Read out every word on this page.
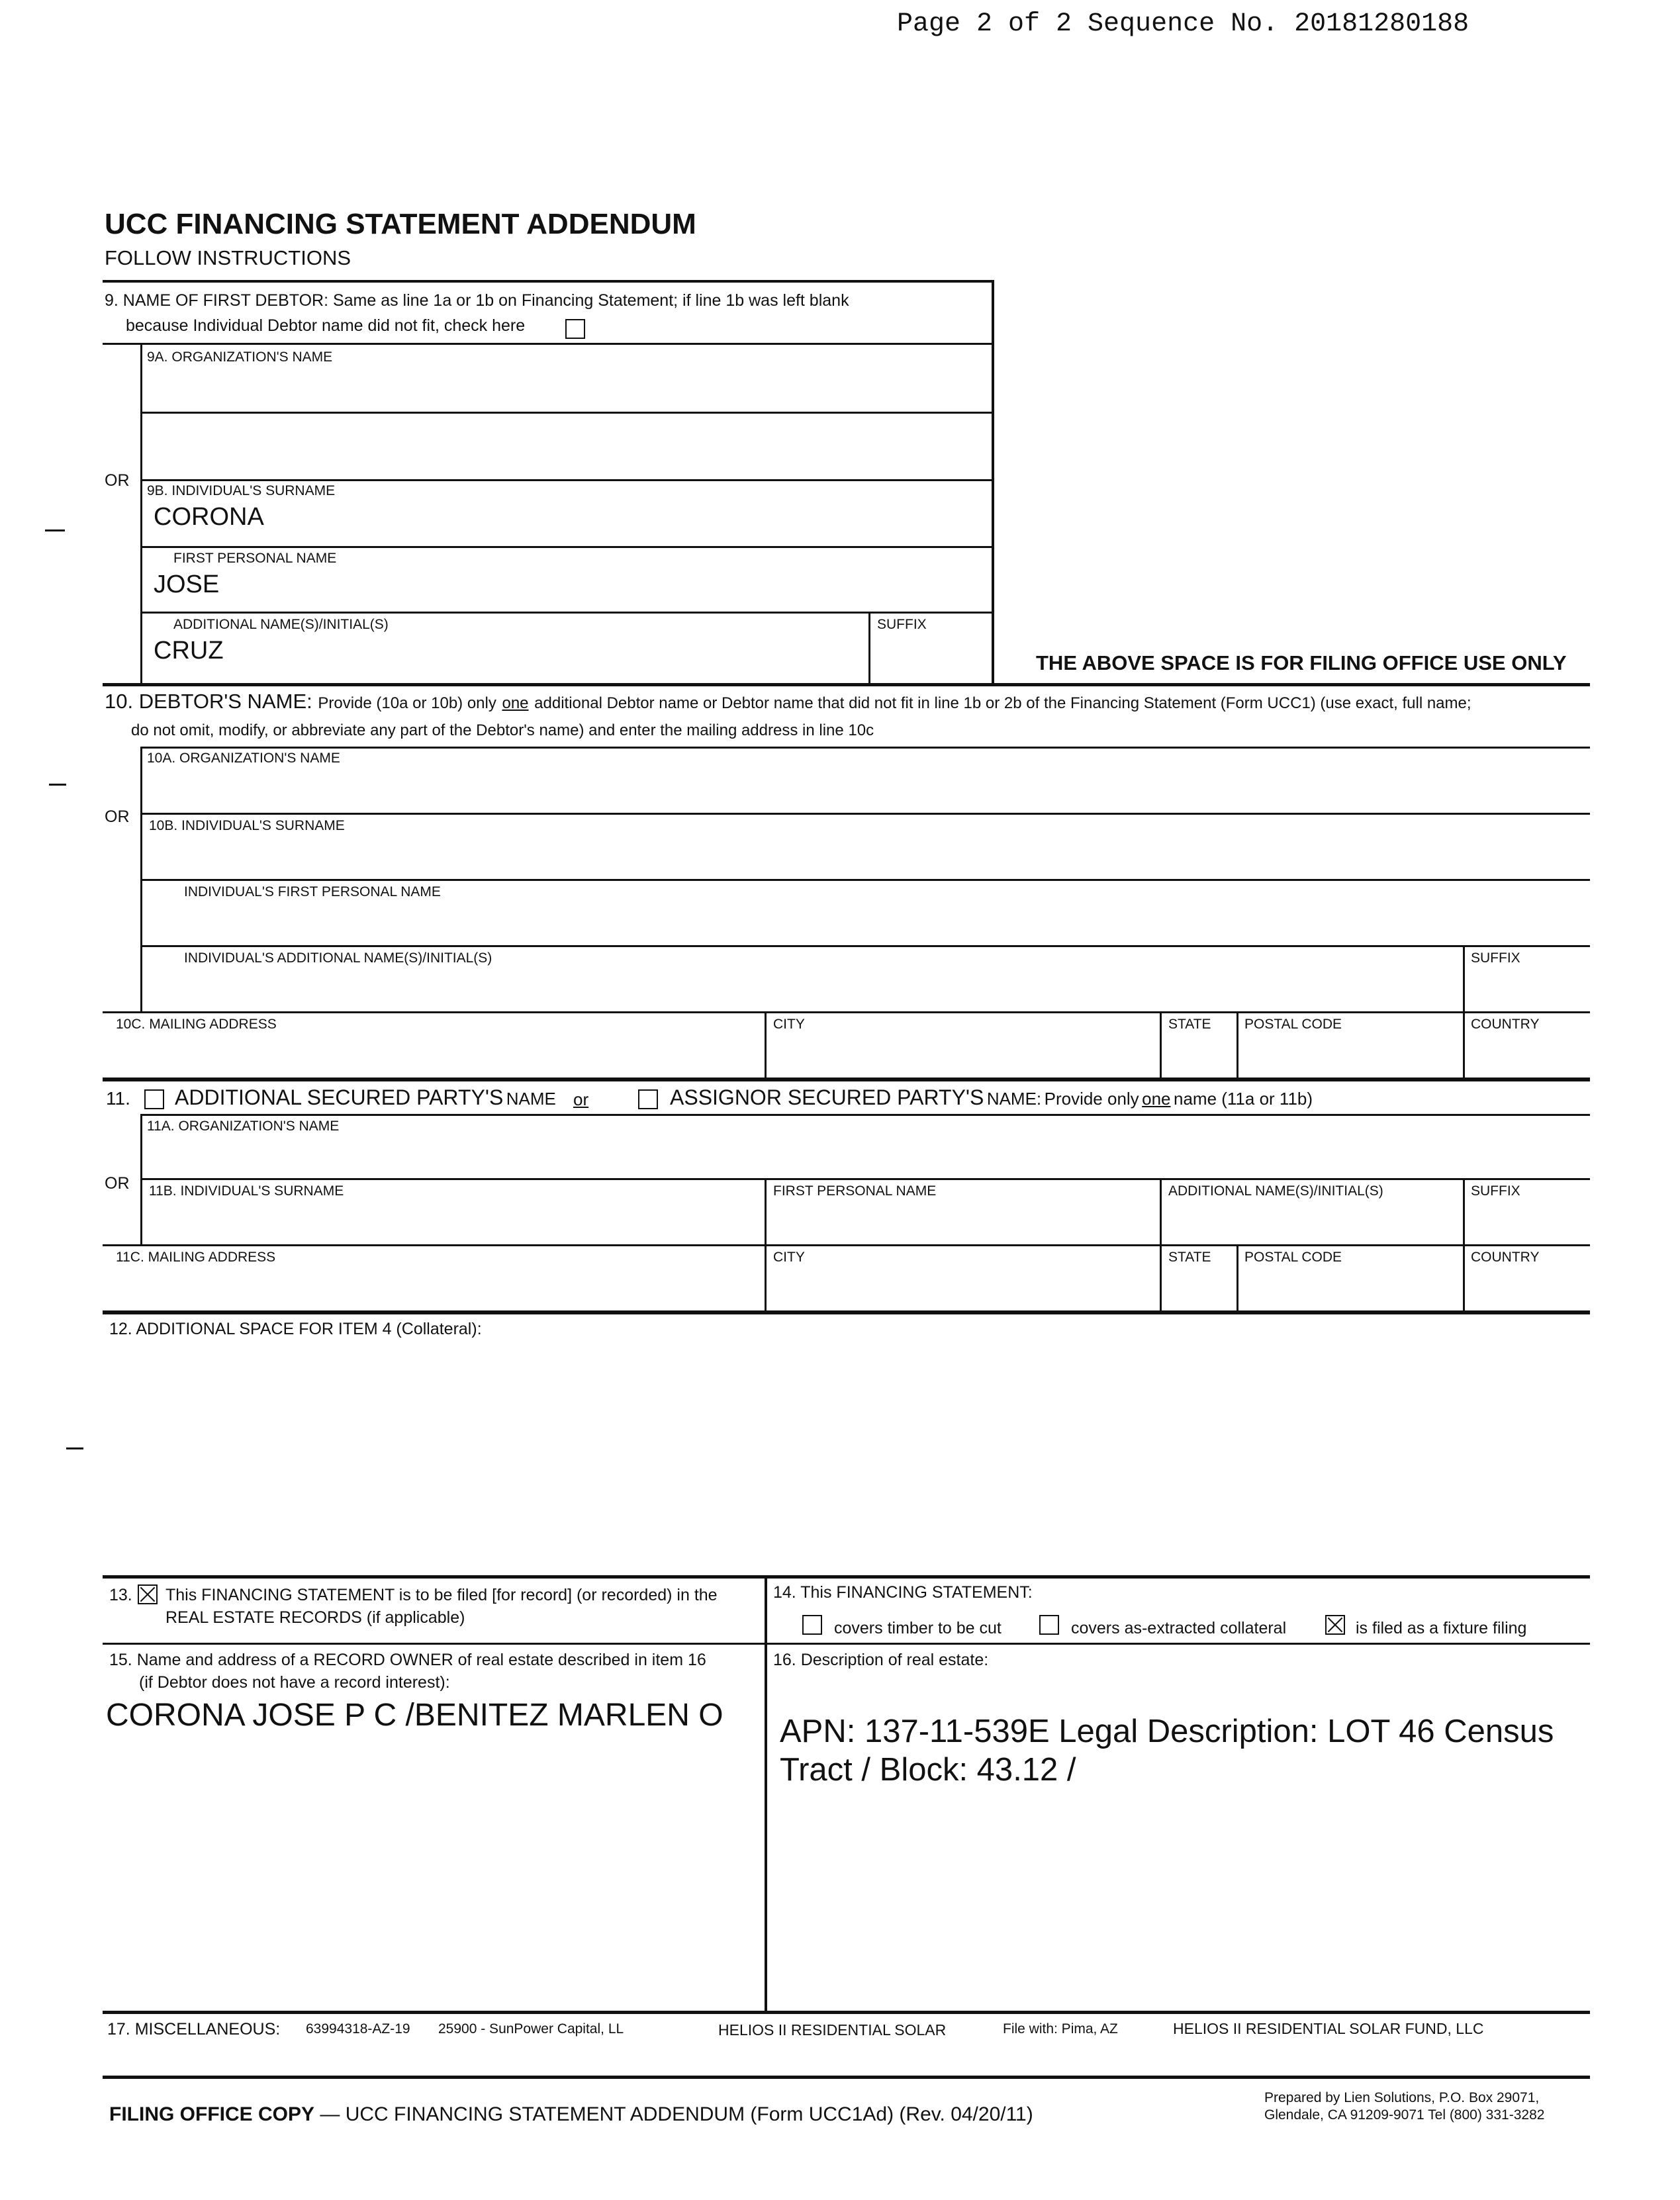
Page 2 of 2 Sequence No. 20181280188
UCC FINANCING STATEMENT ADDENDUM
FOLLOW INSTRUCTIONS
9. NAME OF FIRST DEBTOR: Same as line 1a or 1b on Financing Statement; if line 1b was left blank
because Individual Debtor name did not fit, check here
9A. ORGANIZATION'S NAME
OR
9B. INDIVIDUAL'S SURNAME
CORONA
FIRST PERSONAL NAME
JOSE
ADDITIONAL NAME(S)/INITIAL(S)
CRUZ
SUFFIX
THE ABOVE SPACE IS FOR FILING OFFICE USE ONLY
10. DEBTOR'S NAME: Provide (10a or 10b) only one additional Debtor name or Debtor name that did not fit in line 1b or 2b of the Financing Statement (Form UCC1) (use exact, full name;
do not omit, modify, or abbreviate any part of the Debtor's name) and enter the mailing address in line 10c
10A. ORGANIZATION'S NAME
OR 10B. INDIVIDUAL'S SURNAME
INDIVIDUAL'S FIRST PERSONAL NAME
INDIVIDUAL'S ADDITIONAL NAME(S)/INITIAL(S)	SUFFIX
10C. MAILING ADDRESS	CITY	STATE POSTAL CODE	COUNTRY
11. ADDITIONAL SECURED PARTY'S NAME or	ASSIGNOR SECURED PARTY'S NAME: Provide only one name (11a or 11b)
11A. ORGANIZATION'S NAME
OR 11B. INDIVIDUAL'S SURNAME	FIRST PERSONAL NAME	ADDITIONAL NAME(S)/INITIAL(S)	SUFFIX
11C. MAILING ADDRESS	CITY	STATE POSTAL CODE	COUNTRY
12. ADDITIONAL SPACE FOR ITEM 4 (Collateral):
13. This FINANCING STATEMENT is to be filed [for record] (or recorded) in the
REAL ESTATE RECORDS (if applicable)
14. This FINANCING STATEMENT:
covers timber to be cut	covers as-extracted collateral	is filed as a fixture filing
15. Name and address of a RECORD OWNER of real estate described in item 16
(if Debtor does not have a record interest):
CORONA JOSE P C /BENITEZ MARLEN O
16. Description of real estate:
APN: 137-11-539E Legal Description: LOT 46 Census
Tract / Block: 43.12 /
17. MISCELLANEOUS: 63994318-AZ-19 25900 - SunPower Capital, LL	HELIOS II RESIDENTIAL SOLAR	File with: Pima, AZ	HELIOS II RESIDENTIAL SOLAR FUND, LLC
FILING OFFICE COPY — UCC FINANCING STATEMENT ADDENDUM (Form UCC1Ad) (Rev. 04/20/11)
Prepared by Lien Solutions, P.O. Box 29071,
Glendale, CA 91209-9071 Tel (800) 331-3282
